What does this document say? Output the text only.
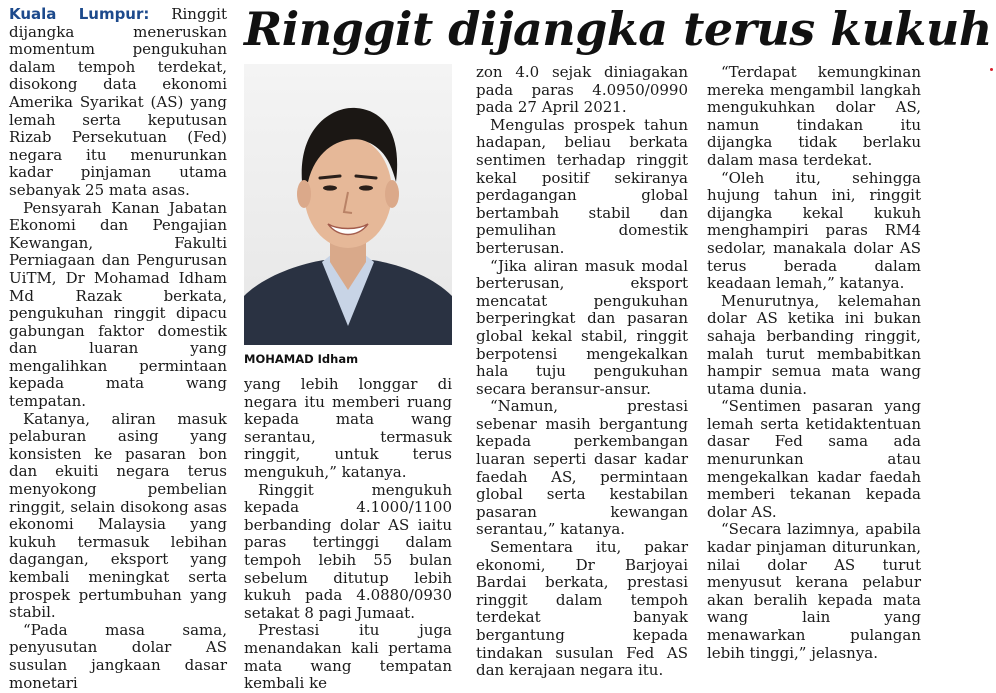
Ringgit dijangka terus kukuh

Kuala Lumpur: Ringgit dijangka meneruskan momentum pengukuhan dalam tempoh terdekat, disokong data ekonomi Amerika Syarikat (AS) yang lemah serta keputusan Rizab Persekutuan (Fed) negara itu menurunkan kadar pinjaman utama sebanyak 25 mata asas.

Pensyarah Kanan Jabatan Ekonomi dan Pengajian Kewangan, Fakulti Perniagaan dan Pengurusan UiTM, Dr Mohamad Idham Md Razak berkata, pengukuhan ringgit dipacu gabungan faktor domestik dan luaran yang mengalihkan permintaan kepada mata wang tempatan.

Katanya, aliran masuk pelaburan asing yang konsisten ke pasaran bon dan ekuiti negara terus menyokong pembelian ringgit, selain disokong asas ekonomi Malaysia yang kukuh termasuk lebihan dagangan, eksport yang kembali meningkat serta prospek pertumbuhan yang stabil.

“Pada masa sama, penyusutan dolar AS susulan jangkaan dasar monetari

MOHAMAD Idham

yang lebih longgar di negara itu memberi ruang kepada mata wang serantau, termasuk ringgit, untuk terus mengukuh,” katanya.

Ringgit mengukuh kepada 4.1000/1100 berbanding dolar AS iaitu paras tertinggi dalam tempoh lebih 55 bulan sebelum ditutup lebih kukuh pada 4.0880/0930 setakat 8 pagi Jumaat.

Prestasi itu juga menandakan kali pertama mata wang tempatan kembali ke

zon 4.0 sejak diniagakan pada paras 4.0950/0990 pada 27 April 2021.

Mengulas prospek tahun hadapan, beliau berkata sentimen terhadap ringgit kekal positif sekiranya perdagangan global bertambah stabil dan pemulihan domestik berterusan.

“Jika aliran masuk modal berterusan, eksport mencatat pengukuhan berperingkat dan pasaran global kekal stabil, ringgit berpotensi mengekalkan hala tuju pengukuhan secara beransur-ansur.

“Namun, prestasi sebenar masih bergantung kepada perkembangan luaran seperti dasar kadar faedah AS, permintaan global serta kestabilan pasaran kewangan serantau,” katanya.

Sementara itu, pakar ekonomi, Dr Barjoyai Bardai berkata, prestasi ringgit dalam tempoh terdekat banyak bergantung kepada tindakan susulan Fed AS dan kerajaan negara itu.

“Terdapat kemungkinan mereka mengambil langkah mengukuhkan dolar AS, namun tindakan itu dijangka tidak berlaku dalam masa terdekat.

“Oleh itu, sehingga hujung tahun ini, ringgit dijangka kekal kukuh menghampiri paras RM4 sedolar, manakala dolar AS terus berada dalam keadaan lemah,” katanya.

Menurutnya, kelemahan dolar AS ketika ini bukan sahaja berbanding ringgit, malah turut membabitkan hampir semua mata wang utama dunia.

“Sentimen pasaran yang lemah serta ketidaktentuan dasar Fed sama ada menurunkan atau mengekalkan kadar faedah memberi tekanan kepada dolar AS.

“Secara lazimnya, apabila kadar pinjaman diturunkan, nilai dolar AS turut menyusut kerana pelabur akan beralih kepada mata wang lain yang menawarkan pulangan lebih tinggi,” jelasnya.
